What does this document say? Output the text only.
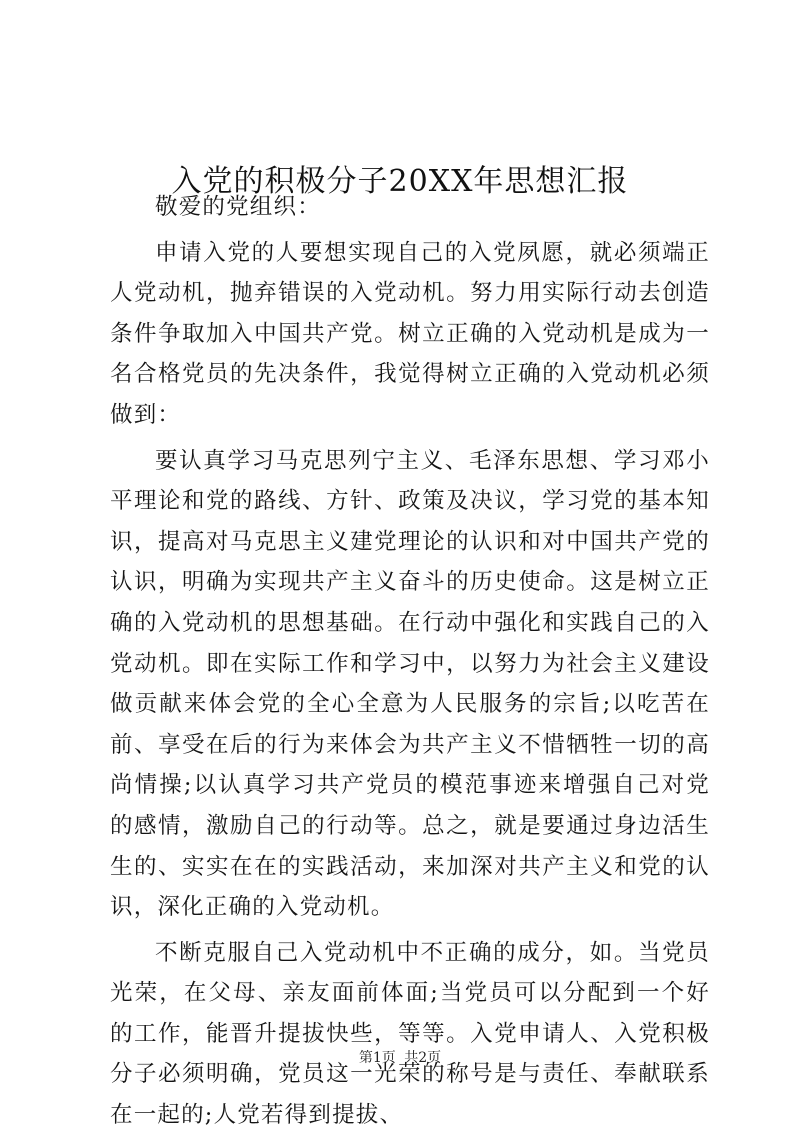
入党的积极分子20XX年思想汇报

敬爱的党组织：

申请入党的人要想实现自己的入党夙愿，就必须端正人党动机，抛弃错误的入党动机。努力用实际行动去创造条件争取加入中国共产党。树立正确的入党动机是成为一名合格党员的先决条件，我觉得树立正确的入党动机必须做到：

要认真学习马克思列宁主义、毛泽东思想、学习邓小平理论和党的路线、方针、政策及决议，学习党的基本知识，提高对马克思主义建党理论的认识和对中国共产党的认识，明确为实现共产主义奋斗的历史使命。这是树立正确的入党动机的思想基础。在行动中强化和实践自己的入党动机。即在实际工作和学习中，以努力为社会主义建设做贡献来体会党的全心全意为人民服务的宗旨;以吃苦在前、享受在后的行为来体会为共产主义不惜牺牲一切的高尚情操;以认真学习共产党员的模范事迹来增强自己对党的感情，激励自己的行动等。总之，就是要通过身边活生生的、实实在在的实践活动，来加深对共产主义和党的认识，深化正确的入党动机。

不断克服自己入党动机中不正确的成分，如。当党员光荣，在父母、亲友面前体面;当党员可以分配到一个好的工作，能晋升提拔快些，等等。入党申请人、入党积极分子必须明确，党员这一光荣的称号是与责任、奉献联系在一起的;人党若得到提拔、

第1页 共2页
